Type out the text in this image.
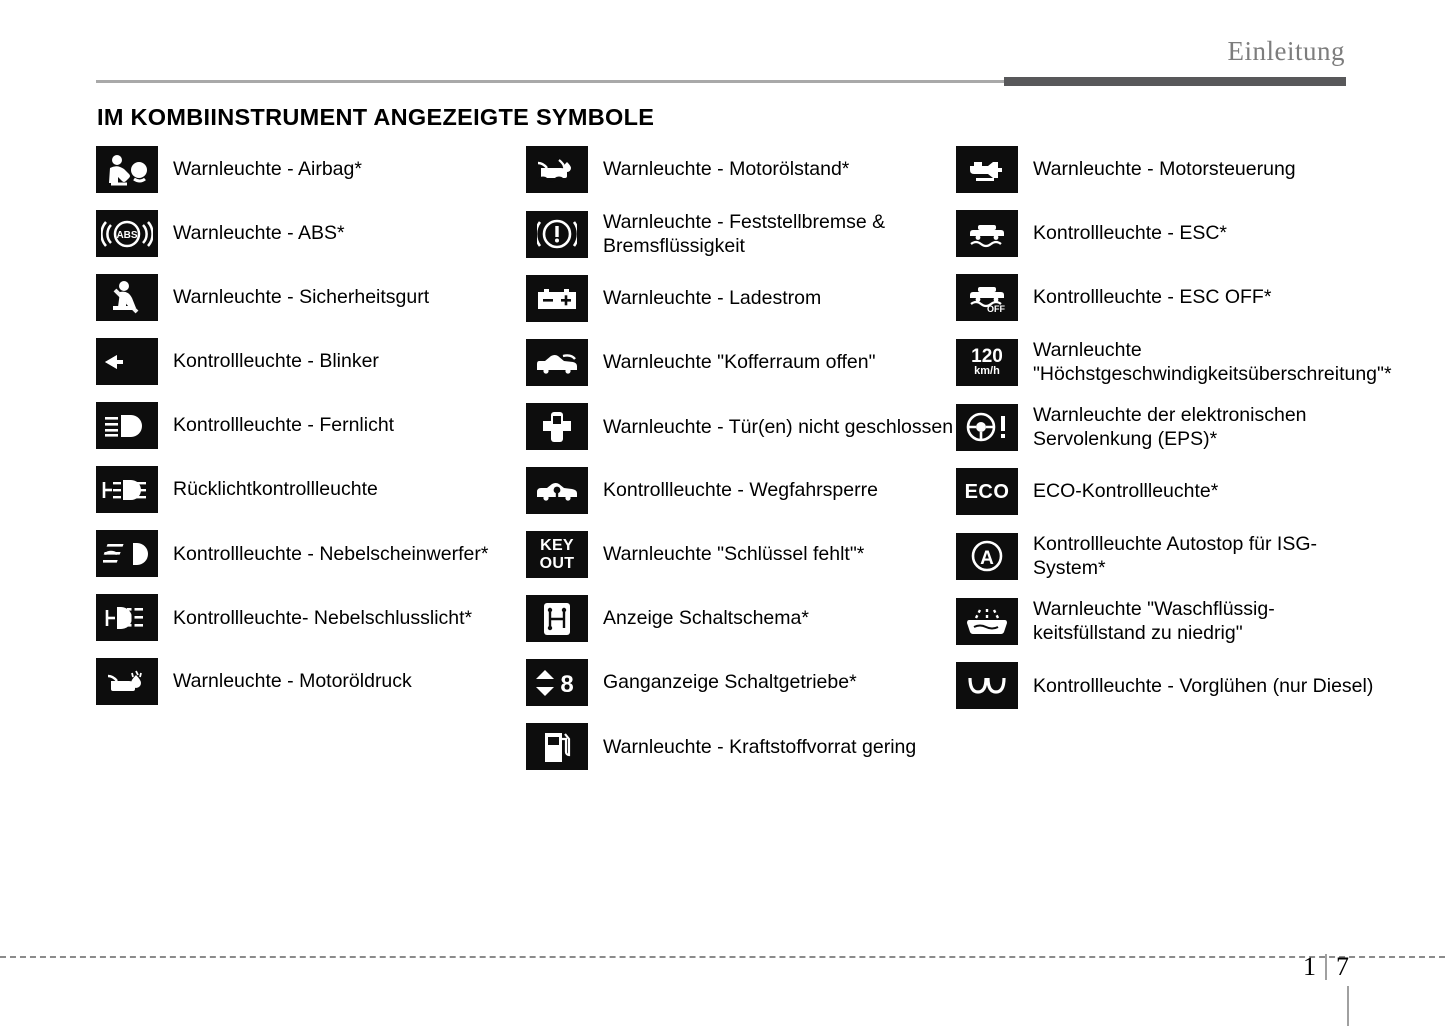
Einleitung
IM KOMBIINSTRUMENT ANGEZEIGTE SYMBOLE
Warnleuchte - Airbag*
ABS Warnleuchte - ABS*
Warnleuchte - Sicherheitsgurt
Kontrollleuchte - Blinker
Kontrollleuchte - Fernlicht
Rücklichtkontrollleuchte
Kontrollleuchte - Nebelscheinwerfer*
Kontrollleuchte- Nebelschlusslicht*
Warnleuchte - Motoröldruck
Warnleuchte - Motorölstand*
Warnleuchte - Feststellbremse & Bremsflüssigkeit
Warnleuchte - Ladestrom
Warnleuchte "Kofferraum offen"
Warnleuchte - Tür(en) nicht geschlossen
Kontrollleuchte - Wegfahrsperre
KEY
OUT Warnleuchte "Schlüssel fehlt"*
Anzeige Schaltschema*
8 Ganganzeige Schaltgetriebe*
Warnleuchte - Kraftstoffvorrat gering
Warnleuchte - Motorsteuerung
Kontrollleuchte - ESC*
OFF
Kontrollleuchte - ESC OFF*
120
km/h
Warnleuchte "Höchstgeschwindigkeitsüberschreitung"*
Warnleuchte der elektronischen Servolenkung (EPS)*
ECO ECO-Kontrollleuchte*
A
Kontrollleuchte Autostop für ISG-System*
Warnleuchte "Waschflüssig-keitsfüllstand zu niedrig"
Kontrollleuchte - Vorglühen (nur Diesel)
1 7
